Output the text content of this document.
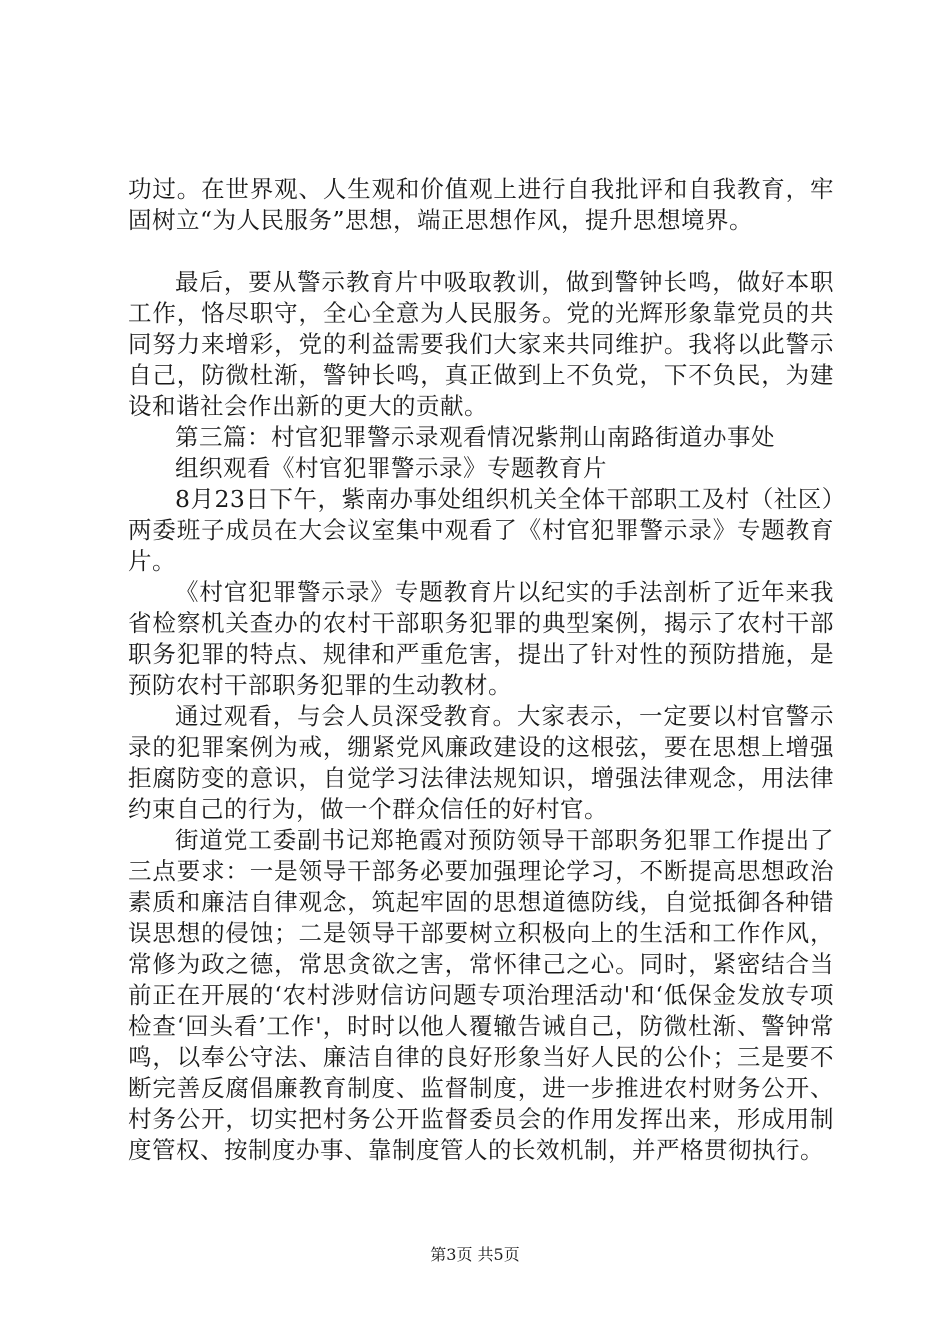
功过。在世界观、人生观和价值观上进行自我批评和自我教育，牢固树立“为人民服务”思想，端正思想作风，提升思想境界。

最后，要从警示教育片中吸取教训，做到警钟长鸣，做好本职工作，恪尽职守，全心全意为人民服务。党的光辉形象靠党员的共同努力来增彩，党的利益需要我们大家来共同维护。我将以此警示自己，防微杜渐，警钟长鸣，真正做到上不负党，下不负民，为建设和谐社会作出新的更大的贡献。

第三篇：村官犯罪警示录观看情况紫荆山南路街道办事处

组织观看《村官犯罪警示录》专题教育片

8月23日下午，紫南办事处组织机关全体干部职工及村（社区）两委班子成员在大会议室集中观看了《村官犯罪警示录》专题教育片。

《村官犯罪警示录》专题教育片以纪实的手法剖析了近年来我省检察机关查办的农村干部职务犯罪的典型案例，揭示了农村干部职务犯罪的特点、规律和严重危害，提出了针对性的预防措施，是预防农村干部职务犯罪的生动教材。

通过观看，与会人员深受教育。大家表示，一定要以村官警示录的犯罪案例为戒，绷紧党风廉政建设的这根弦，要在思想上增强拒腐防变的意识，自觉学习法律法规知识，增强法律观念，用法律约束自己的行为，做一个群众信任的好村官。

街道党工委副书记郑艳霞对预防领导干部职务犯罪工作提出了三点要求：一是领导干部务必要加强理论学习，不断提高思想政治素质和廉洁自律观念，筑起牢固的思想道德防线，自觉抵御各种错误思想的侵蚀；二是领导干部要树立积极向上的生活和工作作风，常修为政之德，常思贪欲之害，常怀律己之心。同时，紧密结合当前正在开展的‘农村涉财信访问题专项治理活动'和‘低保金发放专项检查‘回头看’工作'，时时以他人覆辙告诫自己，防微杜渐、警钟常鸣，以奉公守法、廉洁自律的良好形象当好人民的公仆；三是要不断完善反腐倡廉教育制度、监督制度，进一步推进农村财务公开、村务公开，切实把村务公开监督委员会的作用发挥出来，形成用制度管权、按制度办事、靠制度管人的长效机制，并严格贯彻执行。

第3页 共5页
